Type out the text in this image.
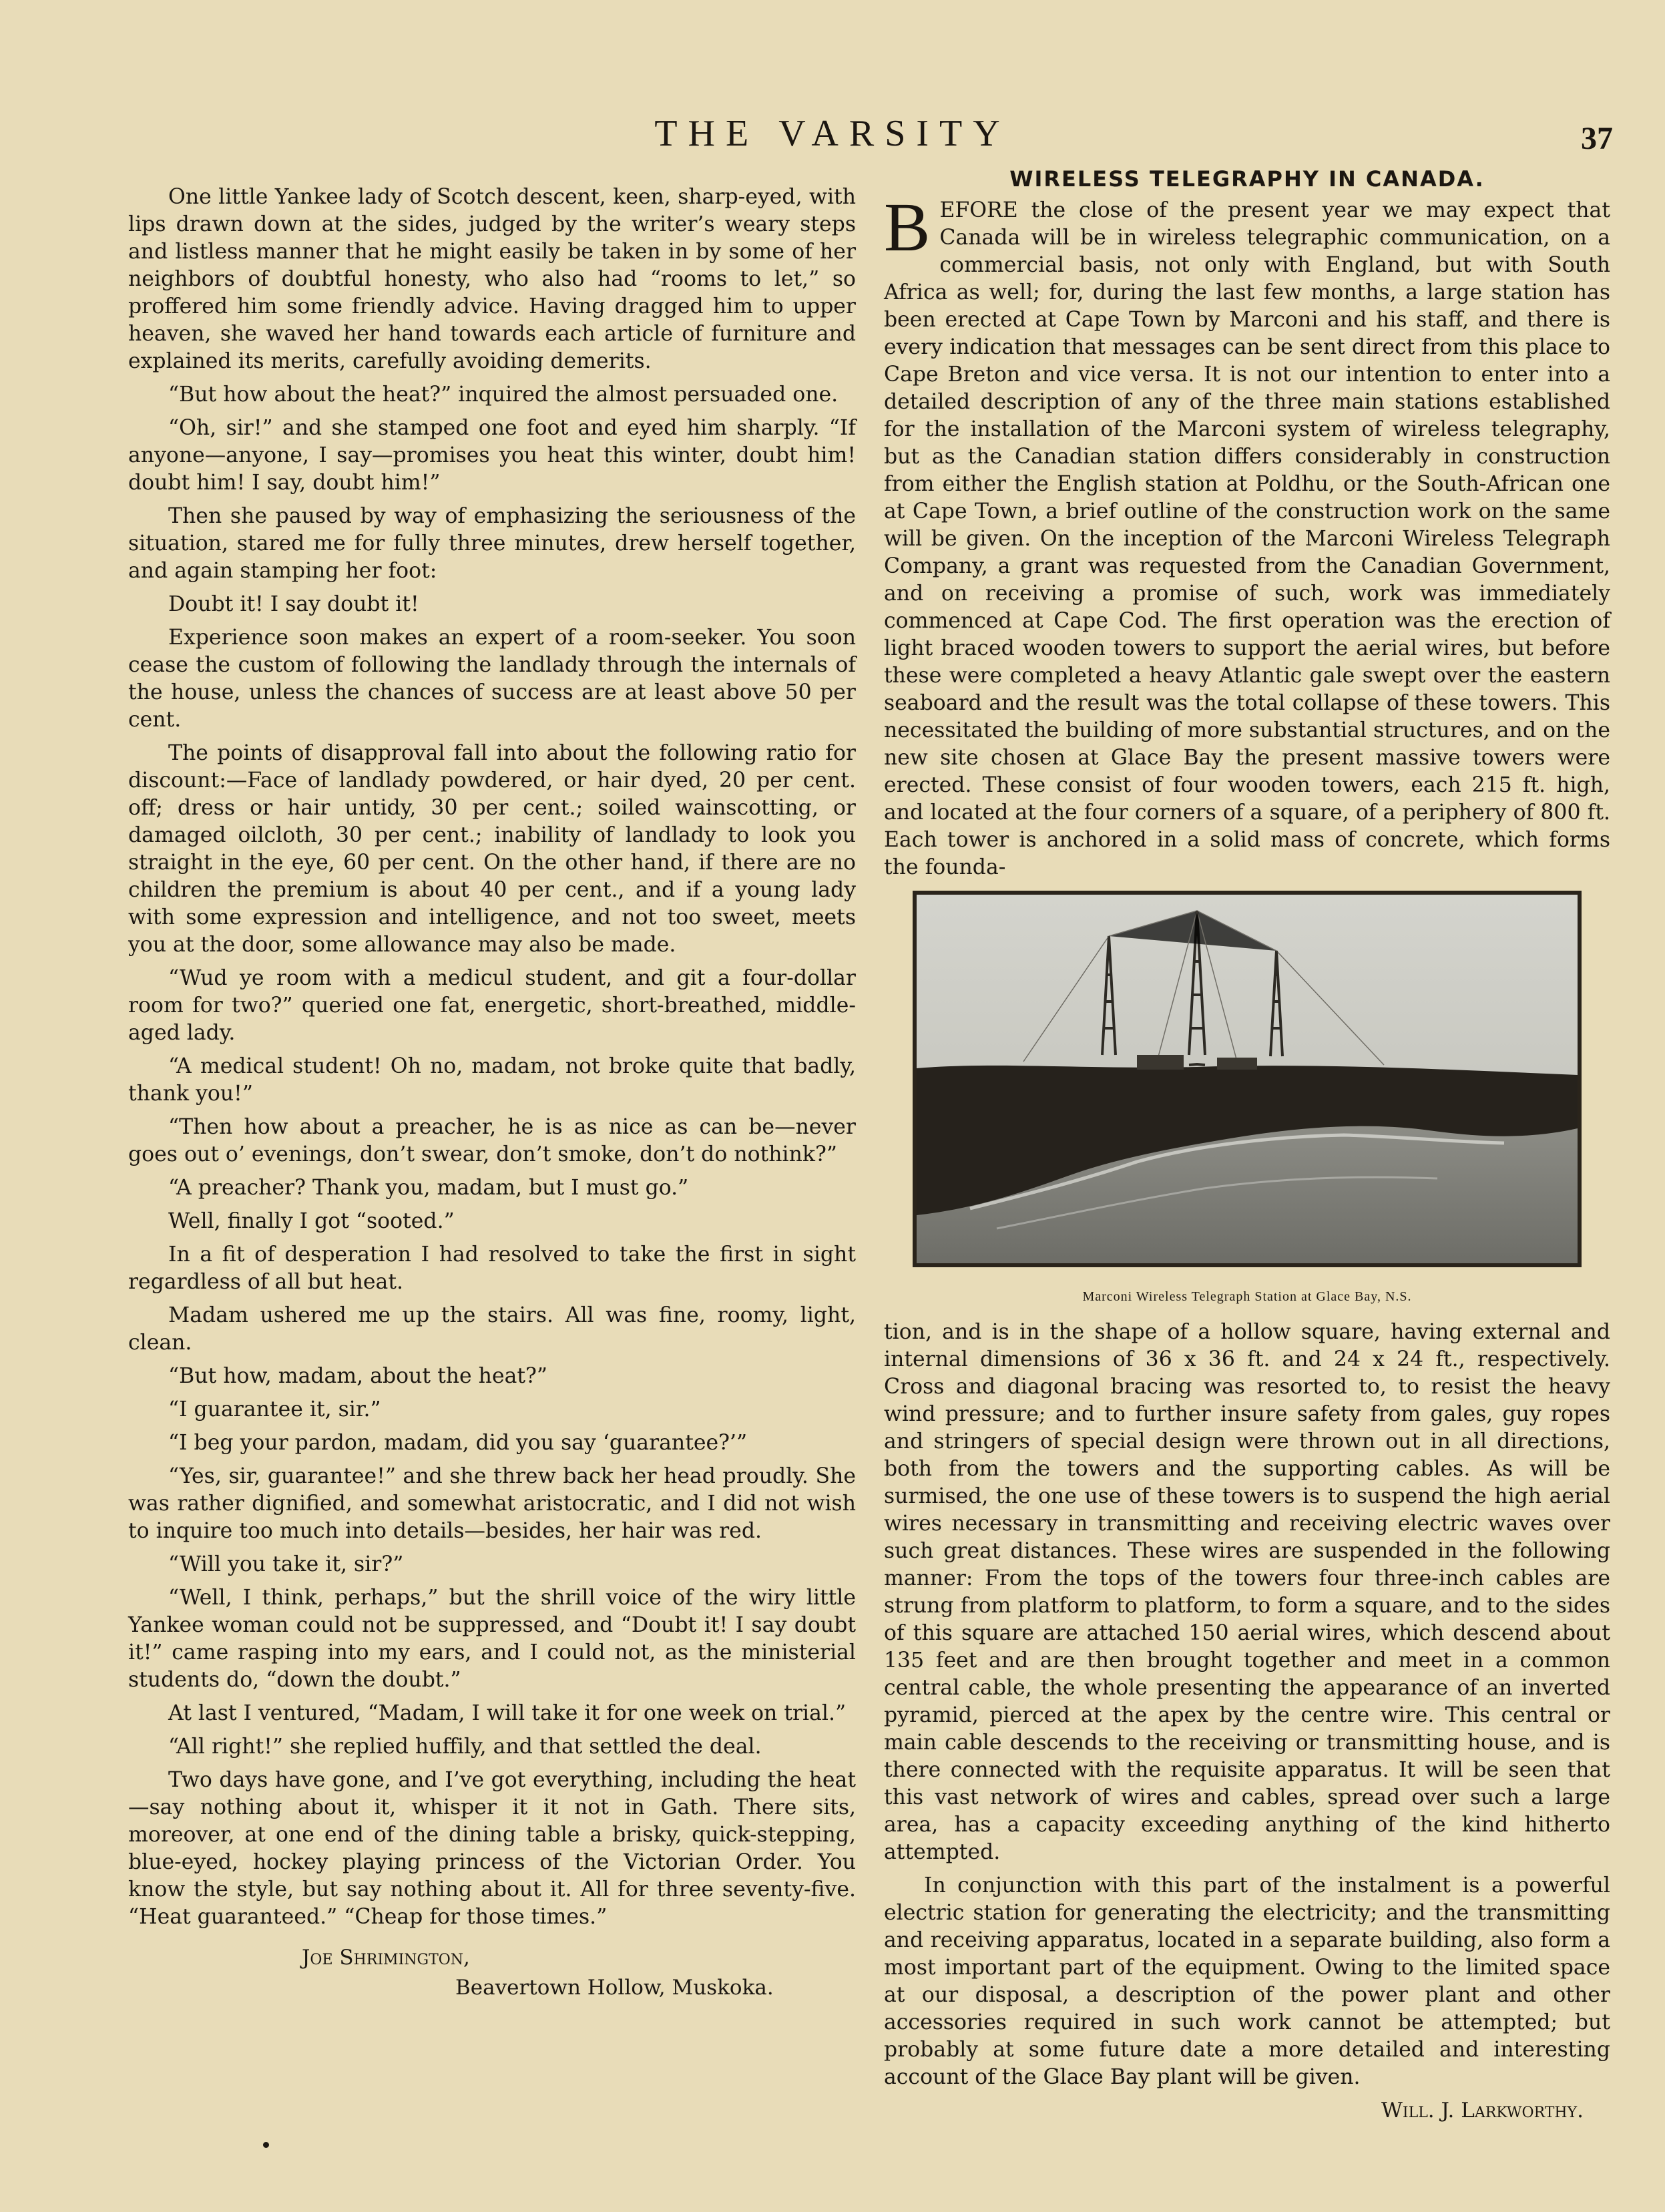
THE VARSITY	37

One little Yankee lady of Scotch descent, keen, sharp-eyed, with lips drawn down at the sides, judged by the writer’s weary steps and listless manner that he might easily be taken in by some of her neighbors of doubtful honesty, who also had “rooms to let,” so proffered him some friendly advice. Having dragged him to upper heaven, she waved her hand towards each article of furniture and explained its merits, carefully avoiding demerits.

“But how about the heat?” inquired the almost persuaded one.

“Oh, sir!” and she stamped one foot and eyed him sharply. “If anyone—anyone, I say—promises you heat this winter, doubt him! doubt him! I say, doubt him!”

Then she paused by way of emphasizing the seriousness of the situation, stared me for fully three minutes, drew herself together, and again stamping her foot:

Doubt it! I say doubt it!

Experience soon makes an expert of a room-seeker. You soon cease the custom of following the landlady through the internals of the house, unless the chances of success are at least above 50 per cent.

The points of disapproval fall into about the following ratio for discount:—Face of landlady powdered, or hair dyed, 20 per cent. off; dress or hair untidy, 30 per cent.; soiled wainscotting, or damaged oilcloth, 30 per cent.; inability of landlady to look you straight in the eye, 60 per cent. On the other hand, if there are no children the premium is about 40 per cent., and if a young lady with some expression and intelligence, and not too sweet, meets you at the door, some allowance may also be made.

“Wud ye room with a medicul student, and git a four-dollar room for two?” queried one fat, energetic, short-breathed, middle-aged lady.

“A medical student! Oh no, madam, not broke quite that badly, thank you!”

“Then how about a preacher, he is as nice as can be—never goes out o’ evenings, don’t swear, don’t smoke, don’t do nothink?”

“A preacher? Thank you, madam, but I must go.”

Well, finally I got “sooted.”

In a fit of desperation I had resolved to take the first in sight regardless of all but heat.

Madam ushered me up the stairs. All was fine, roomy, light, clean.

“But how, madam, about the heat?”

“I guarantee it, sir.”

“I beg your pardon, madam, did you say ‘guarantee?’”

“Yes, sir, guarantee!” and she threw back her head proudly. She was rather dignified, and somewhat aristocratic, and I did not wish to inquire too much into details—besides, her hair was red.

“Will you take it, sir?”

“Well, I think, perhaps,” but the shrill voice of the wiry little Yankee woman could not be suppressed, and “Doubt it! I say doubt it!” came rasping into my ears, and I could not, as the ministerial students do, “down the doubt.”

At last I ventured, “Madam, I will take it for one week on trial.”

“All right!” she replied huffily, and that settled the deal.

Two days have gone, and I’ve got everything, including the heat—say nothing about it, whisper it it not in Gath. There sits, moreover, at one end of the dining table a brisky, quick-stepping, blue-eyed, hockey playing princess of the Victorian Order. You know the style, but say nothing about it. All for three seventy-five. “Heat guaranteed.” “Cheap for those times.”

Joe Shrimington,
Beavertown Hollow, Muskoka.
WIRELESS TELEGRAPHY IN CANADA.

BEFORE the close of the present year we may expect that Canada will be in wireless telegraphic communication, on a commercial basis, not only with England, but with South Africa as well; for, during the last few months, a large station has been erected at Cape Town by Marconi and his staff, and there is every indication that messages can be sent direct from this place to Cape Breton and vice versa. It is not our intention to enter into a detailed description of any of the three main stations established for the installation of the Marconi system of wireless telegraphy, but as the Canadian station differs considerably in construction from either the English station at Poldhu, or the South-African one at Cape Town, a brief outline of the construction work on the same will be given. On the inception of the Marconi Wireless Telegraph Company, a grant was requested from the Canadian Government, and on receiving a promise of such, work was immediately commenced at Cape Cod. The first operation was the erection of light braced wooden towers to support the aerial wires, but before these were completed a heavy Atlantic gale swept over the eastern seaboard and the result was the total collapse of these towers. This necessitated the building of more substantial structures, and on the new site chosen at Glace Bay the present massive towers were erected. These consist of four wooden towers, each 215 ft. high, and located at the four corners of a square, of a periphery of 800 ft. Each tower is anchored in a solid mass of concrete, which forms the founda-

Marconi Wireless Telegraph Station at Glace Bay, N.S.

tion, and is in the shape of a hollow square, having external and internal dimensions of 36 x 36 ft. and 24 x 24 ft., respectively. Cross and diagonal bracing was resorted to, to resist the heavy wind pressure; and to further insure safety from gales, guy ropes and stringers of special design were thrown out in all directions, both from the towers and the supporting cables. As will be surmised, the one use of these towers is to suspend the high aerial wires necessary in transmitting and receiving electric waves over such great distances. These wires are suspended in the following manner: From the tops of the towers four three-inch cables are strung from platform to platform, to form a square, and to the sides of this square are attached 150 aerial wires, which descend about 135 feet and are then brought together and meet in a common central cable, the whole presenting the appearance of an inverted pyramid, pierced at the apex by the centre wire. This central or main cable descends to the receiving or transmitting house, and is there connected with the requisite apparatus. It will be seen that this vast network of wires and cables, spread over such a large area, has a capacity exceeding anything of the kind hitherto attempted.

In conjunction with this part of the instalment is a powerful electric station for generating the electricity; and the transmitting and receiving apparatus, located in a separate building, also form a most important part of the equipment. Owing to the limited space at our disposal, a description of the power plant and other accessories required in such work cannot be attempted; but probably at some future date a more detailed and interesting account of the Glace Bay plant will be given.

Will. J. Larkworthy.
